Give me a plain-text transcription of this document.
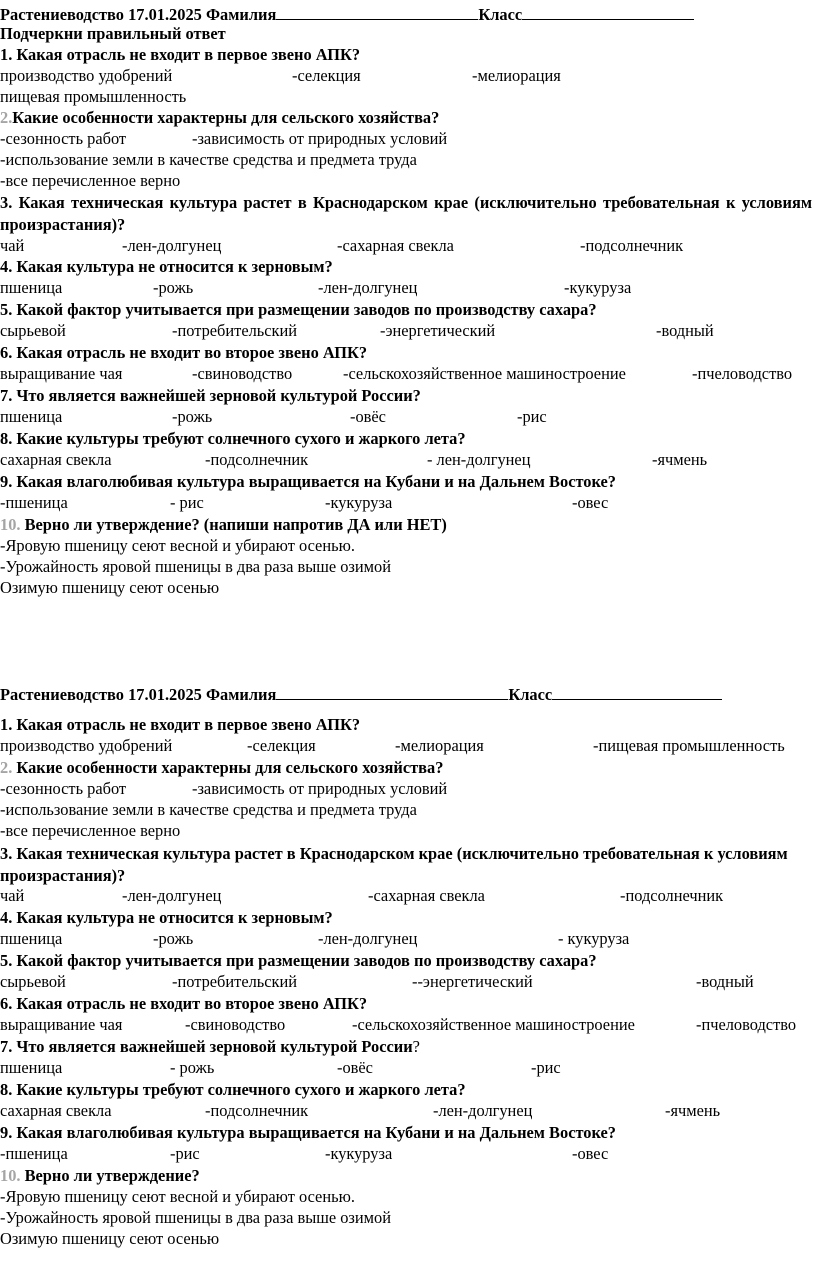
Растениеводство 17.01.2025 Фамилия	Класс
Подчеркни правильный ответ
1. Какая отрасль не входит в первое звено АПК?
производство удобрений	-селекция	-мелиорация
пищевая промышленность
2.Какие особенности характерны для сельского хозяйства?
-сезонность работ	-зависимость от природных условий
-использование земли в качестве средства и предмета труда
-все перечисленное верно
3. Какая техническая культура растет в Краснодарском крае (исключительно требовательная к условиям произрастания)?
чай	-лен-долгунец	-сахарная свекла	-подсолнечник
4. Какая культура не относится к зерновым?
пшеница	-рожь	-лен-долгунец	-кукуруза
5. Какой фактор учитывается при размещении заводов по производству сахара?
сырьевой	-потребительский	-энергетический	-водный
6. Какая отрасль не входит во второе звено АПК?
выращивание чая	-свиноводство	-сельскохозяйственное машиностроение	-пчеловодство
7. Что является важнейшей зерновой культурой России?
пшеница	-рожь	-овёс	-рис
8. Какие культуры требуют солнечного сухого и жаркого лета?
сахарная свекла	-подсолнечник	- лен-долгунец	-ячмень
9. Какая влаголюбивая культура выращивается на Кубани и на Дальнем Востоке?
-пшеница	- рис	-кукуруза	-овес
10. Верно ли утверждение? (напиши напротив ДА или НЕТ)
-Яровую пшеницу сеют весной и убирают осенью.
-Урожайность яровой пшеницы в два раза выше озимой
Озимую пшеницу сеют осенью
Растениеводство 17.01.2025 Фамилия	Класс
1. Какая отрасль не входит в первое звено АПК?
производство удобрений	-селекция	-мелиорация	-пищевая промышленность
2. Какие особенности характерны для сельского хозяйства?
-сезонность работ	-зависимость от природных условий
-использование земли в качестве средства и предмета труда
-все перечисленное верно
3. Какая техническая культура растет в Краснодарском крае (исключительно требовательная к условиям произрастания)?
чай	-лен-долгунец	-сахарная свекла	-подсолнечник
4. Какая культура не относится к зерновым?
пшеница	-рожь	-лен-долгунец	- кукуруза
5. Какой фактор учитывается при размещении заводов по производству сахара?
сырьевой	-потребительский	--энергетический	-водный
6. Какая отрасль не входит во второе звено АПК?
выращивание чая	-свиноводство	-сельскохозяйственное машиностроение	-пчеловодство
7. Что является важнейшей зерновой культурой России?
пшеница	- рожь	-овёс	-рис
8. Какие культуры требуют солнечного сухого и жаркого лета?
сахарная свекла	-подсолнечник	-лен-долгунец	-ячмень
9. Какая влаголюбивая культура выращивается на Кубани и на Дальнем Востоке?
-пшеница	-рис	-кукуруза	-овес
10. Верно ли утверждение?
-Яровую пшеницу сеют весной и убирают осенью.
-Урожайность яровой пшеницы в два раза выше озимой
Озимую пшеницу сеют осенью
